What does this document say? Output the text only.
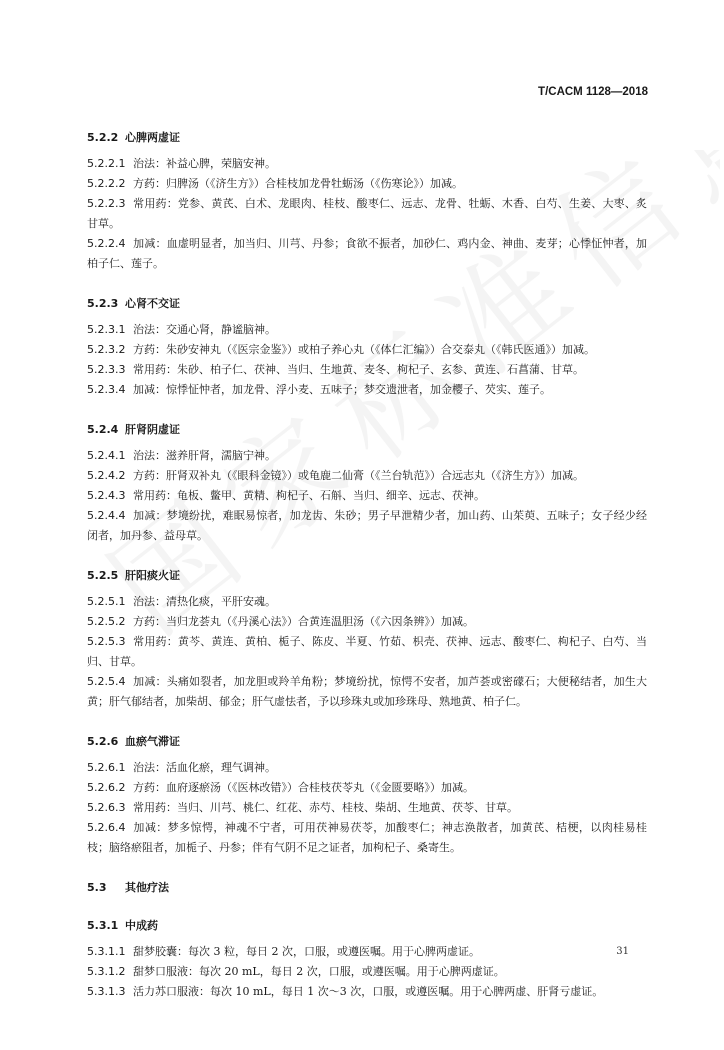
T/CACM 1128—2018
5.2.2 心脾两虚证
5.2.2.1 治法：补益心脾，荣脑安神。
5.2.2.2 方药：归脾汤（《济生方》）合桂枝加龙骨牡蛎汤（《伤寒论》）加减。
5.2.2.3 常用药：党参、黄芪、白术、龙眼肉、桂枝、酸枣仁、远志、龙骨、牡蛎、木香、白芍、生姜、大枣、炙甘草。
5.2.2.4 加减：血虚明显者，加当归、川芎、丹参；食欲不振者，加砂仁、鸡内金、神曲、麦芽；心悸怔忡者，加柏子仁、莲子。
5.2.3 心肾不交证
5.2.3.1 治法：交通心肾，静谧脑神。
5.2.3.2 方药：朱砂安神丸（《医宗金鉴》）或柏子养心丸（《体仁汇编》）合交泰丸（《韩氏医通》）加减。
5.2.3.3 常用药：朱砂、柏子仁、茯神、当归、生地黄、麦冬、枸杞子、玄参、黄连、石菖蒲、甘草。
5.2.3.4 加减：惊悸怔忡者，加龙骨、浮小麦、五味子；梦交遗泄者，加金樱子、芡实、莲子。
5.2.4 肝肾阴虚证
5.2.4.1 治法：滋养肝肾，濡脑宁神。
5.2.4.2 方药：肝肾双补丸（《眼科金镜》）或龟鹿二仙膏（《兰台轨范》）合远志丸（《济生方》）加减。
5.2.4.3 常用药：龟板、鳖甲、黄精、枸杞子、石斛、当归、细辛、远志、茯神。
5.2.4.4 加减：梦境纷扰，难眠易惊者，加龙齿、朱砂；男子早泄精少者，加山药、山茱萸、五味子；女子经少经闭者，加丹参、益母草。
5.2.5 肝阳痰火证
5.2.5.1 治法：清热化痰，平肝安魂。
5.2.5.2 方药：当归龙荟丸（《丹溪心法》）合黄连温胆汤（《六因条辨》）加减。
5.2.5.3 常用药：黄芩、黄连、黄柏、栀子、陈皮、半夏、竹茹、枳壳、茯神、远志、酸枣仁、枸杞子、白芍、当归、甘草。
5.2.5.4 加减：头痛如裂者，加龙胆或羚羊角粉；梦境纷扰，惊愕不安者，加芦荟或密礞石；大便秘结者，加生大黄；肝气郁结者，加柴胡、郁金；肝气虚怯者，予以珍珠丸或加珍珠母、熟地黄、柏子仁。
5.2.6 血瘀气滞证
5.2.6.1 治法：活血化瘀，理气调神。
5.2.6.2 方药：血府逐瘀汤（《医林改错》）合桂枝茯苓丸（《金匮要略》）加减。
5.2.6.3 常用药：当归、川芎、桃仁、红花、赤芍、桂枝、柴胡、生地黄、茯苓、甘草。
5.2.6.4 加减：梦多惊愕，神魂不宁者，可用茯神易茯苓，加酸枣仁；神志涣散者，加黄芪、桔梗，以肉桂易桂枝；脑络瘀阻者，加栀子、丹参；伴有气阴不足之证者，加枸杞子、桑寄生。
5.3 其他疗法
5.3.1 中成药
5.3.1.1 甜梦胶囊：每次 3 粒，每日 2 次，口服，或遵医嘱。用于心脾两虚证。
5.3.1.2 甜梦口服液：每次 20 mL，每日 2 次，口服，或遵医嘱。用于心脾两虚证。
5.3.1.3 活力苏口服液：每次 10 mL，每日 1 次～3 次，口服，或遵医嘱。用于心脾两虚、肝肾亏虚证。
31
